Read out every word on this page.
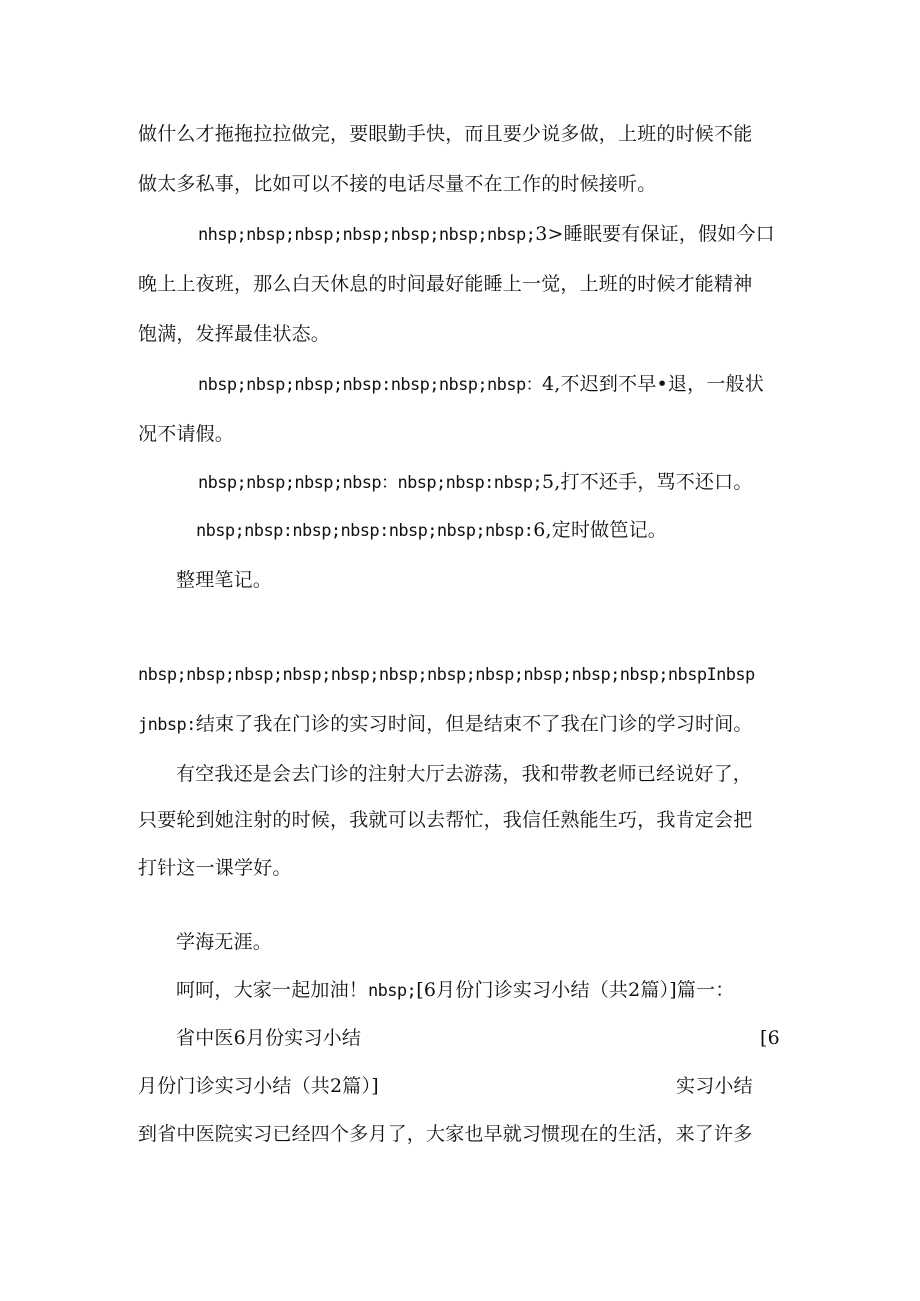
做什么才拖拖拉拉做完，要眼勤手快，而且要少说多做，上班的时候不能
做太多私事，比如可以不接的电话尽量不在工作的时候接听。
nhsp;nbsp;nbsp;nbsp;nbsp;nbsp;nbsp;3>睡眠要有保证，假如今口
晚上上夜班，那么白天休息的时间最好能睡上一觉，上班的时候才能精神
饱满，发挥最佳状态。
nbsp;nbsp;nbsp;nbsp:nbsp;nbsp;nbsp：4,不迟到不早•退，一般状
况不请假。
nbsp;nbsp;nbsp;nbsp：nbsp;nbsp:nbsp;5,打不还手，骂不还口。
nbsp;nbsp:nbsp;nbsp:nbsp;nbsp;nbsp:6,定时做笆记。
整理笔记。
nbsp;nbsp;nbsp;nbsp;nbsp;nbsp;nbsp;nbsp;nbsp;nbsp;nbsp;nbspInbsp
jnbsp:结束了我在门诊的实习时间，但是结束不了我在门诊的学习时间。
有空我还是会去门诊的注射大厅去游荡，我和带教老师已经说好了，
只要轮到她注射的时候，我就可以去帮忙，我信任熟能生巧，我肯定会把
打针这一课学好。
学海无涯。
呵呵，大家一起加油！nbsp;[6月份门诊实习小结（共2篇）]篇一：
省中医6月份实习小结	[6
月份门诊实习小结（共2篇）]	实习小结
到省中医院实习已经四个多月了，大家也早就习惯现在的生活，来了许多
